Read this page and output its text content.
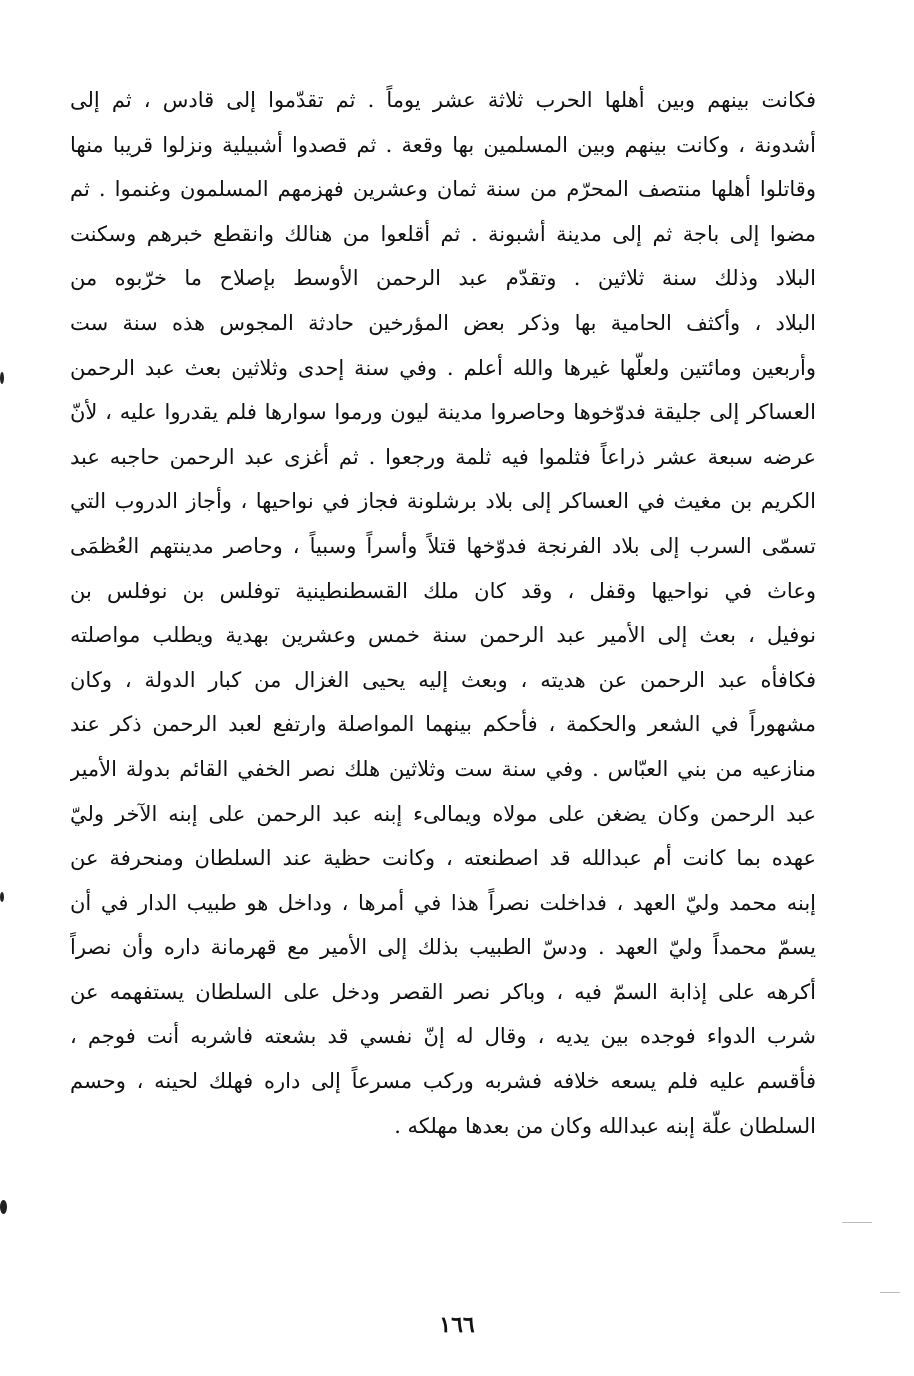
فكانت بينهم وبين أهلها الحرب ثلاثة عشر يوماً . ثم تقدّموا إلى قادس ، ثم إلى
أشدونة ، وكانت بينهم وبين المسلمين بها وقعة . ثم قصدوا أشبيلية ونزلوا قريبا منها
وقاتلوا أهلها منتصف المحرّم من سنة ثمان وعشرين فهزمهم المسلمون وغنموا . ثم
مضوا إلى باجة ثم إلى مدينة أشبونة . ثم أقلعوا من هنالك وانقطع خبرهم وسكنت
البلاد وذلك سنة ثلاثين . وتقدّم عبد الرحمن الأوسط بإصلاح ما خرّبوه من
البلاد ، وأكثف الحامية بها وذكر بعض المؤرخين حادثة المجوس هذه سنة ست
وأربعين ومائتين ولعلّها غيرها والله أعلم . وفي سنة إحدى وثلاثين بعث عبد الرحمن
العساكر إلى جليقة فدوّخوها وحاصروا مدينة ليون ورموا سوارها فلم يقدروا عليه ، لأنّ
عرضه سبعة عشر ذراعاً فثلموا فيه ثلمة ورجعوا . ثم أغزى عبد الرحمن حاجبه عبد
الكريم بن مغيث في العساكر إلى بلاد برشلونة فجاز في نواحيها ، وأجاز الدروب التي
تسمّى السرب إلى بلاد الفرنجة فدوّخها قتلاً وأسراً وسبياً ، وحاصر مدينتهم العُظمَى
وعاث في نواحيها وقفل ، وقد كان ملك القسطنطينية توفلس بن نوفلس بن
نوفيل ، بعث إلى الأمير عبد الرحمن سنة خمس وعشرين بهدية ويطلب مواصلته
فكافأه عبد الرحمن عن هديته ، وبعث إليه يحيى الغزال من كبار الدولة ، وكان
مشهوراً في الشعر والحكمة ، فأحكم بينهما المواصلة وارتفع لعبد الرحمن ذكر عند
منازعيه من بني العبّاس . وفي سنة ست وثلاثين هلك نصر الخفي القائم بدولة الأمير
عبد الرحمن وكان يضغن على مولاه ويمالىء إبنه عبد الرحمن على إبنه الآخر وليّ
عهده بما كانت أم عبدالله قد اصطنعته ، وكانت حظية عند السلطان ومنحرفة عن
إبنه محمد وليّ العهد ، فداخلت نصراً هذا في أمرها ، وداخل هو طبيب الدار في أن
يسمّ محمداً وليّ العهد . ودسّ الطبيب بذلك إلى الأمير مع قهرمانة داره وأن نصراً
أكرهه على إذابة السمّ فيه ، وباكر نصر القصر ودخل على السلطان يستفهمه عن
شرب الدواء فوجده بين يديه ، وقال له إنّ نفسي قد بشعته فاشربه أنت فوجم ،
فأقسم عليه فلم يسعه خلافه فشربه وركب مسرعاً إلى داره فهلك لحينه ، وحسم
السلطان علّة إبنه عبدالله وكان من بعدها مهلكه .
١٦٦
